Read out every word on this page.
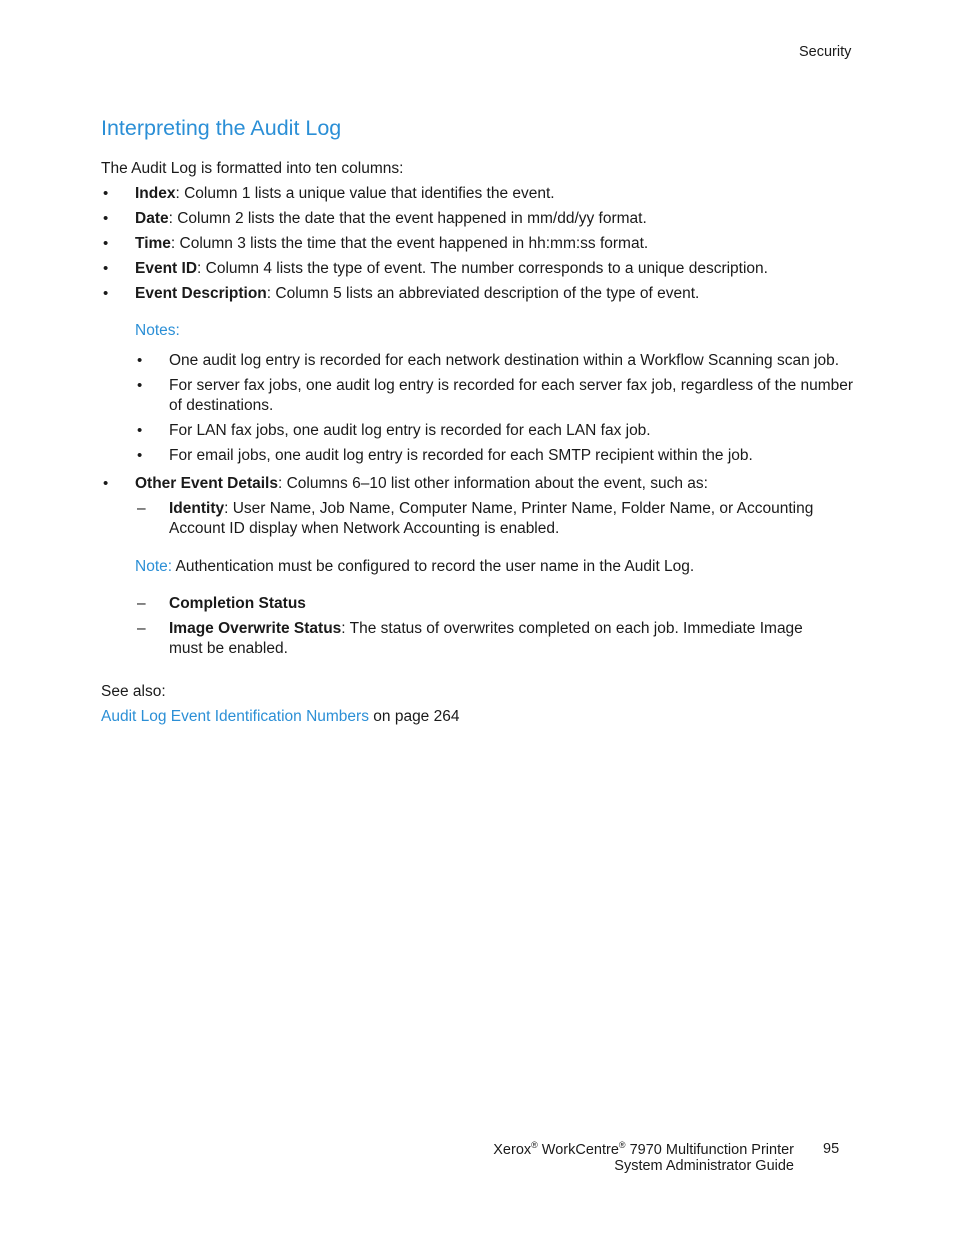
Security
Interpreting the Audit Log
The Audit Log is formatted into ten columns:
• Index: Column 1 lists a unique value that identifies the event.
• Date: Column 2 lists the date that the event happened in mm/dd/yy format.
• Time: Column 3 lists the time that the event happened in hh:mm:ss format.
• Event ID: Column 4 lists the type of event. The number corresponds to a unique description.
• Event Description: Column 5 lists an abbreviated description of the type of event.
Notes:
• One audit log entry is recorded for each network destination within a Workflow Scanning scan job.
• For server fax jobs, one audit log entry is recorded for each server fax job, regardless of the number
of destinations.
• For LAN fax jobs, one audit log entry is recorded for each LAN fax job.
• For email jobs, one audit log entry is recorded for each SMTP recipient within the job.
• Other Event Details: Columns 6–10 list other information about the event, such as:
– Identity: User Name, Job Name, Computer Name, Printer Name, Folder Name, or Accounting
Account ID display when Network Accounting is enabled.
Note: Authentication must be configured to record the user name in the Audit Log.
– Completion Status
– Image Overwrite Status: The status of overwrites completed on each job. Immediate Image
must be enabled.
See also:
Audit Log Event Identification Numbers on page 264
Xerox® WorkCentre® 7970 Multifunction Printer
System Administrator Guide
95
